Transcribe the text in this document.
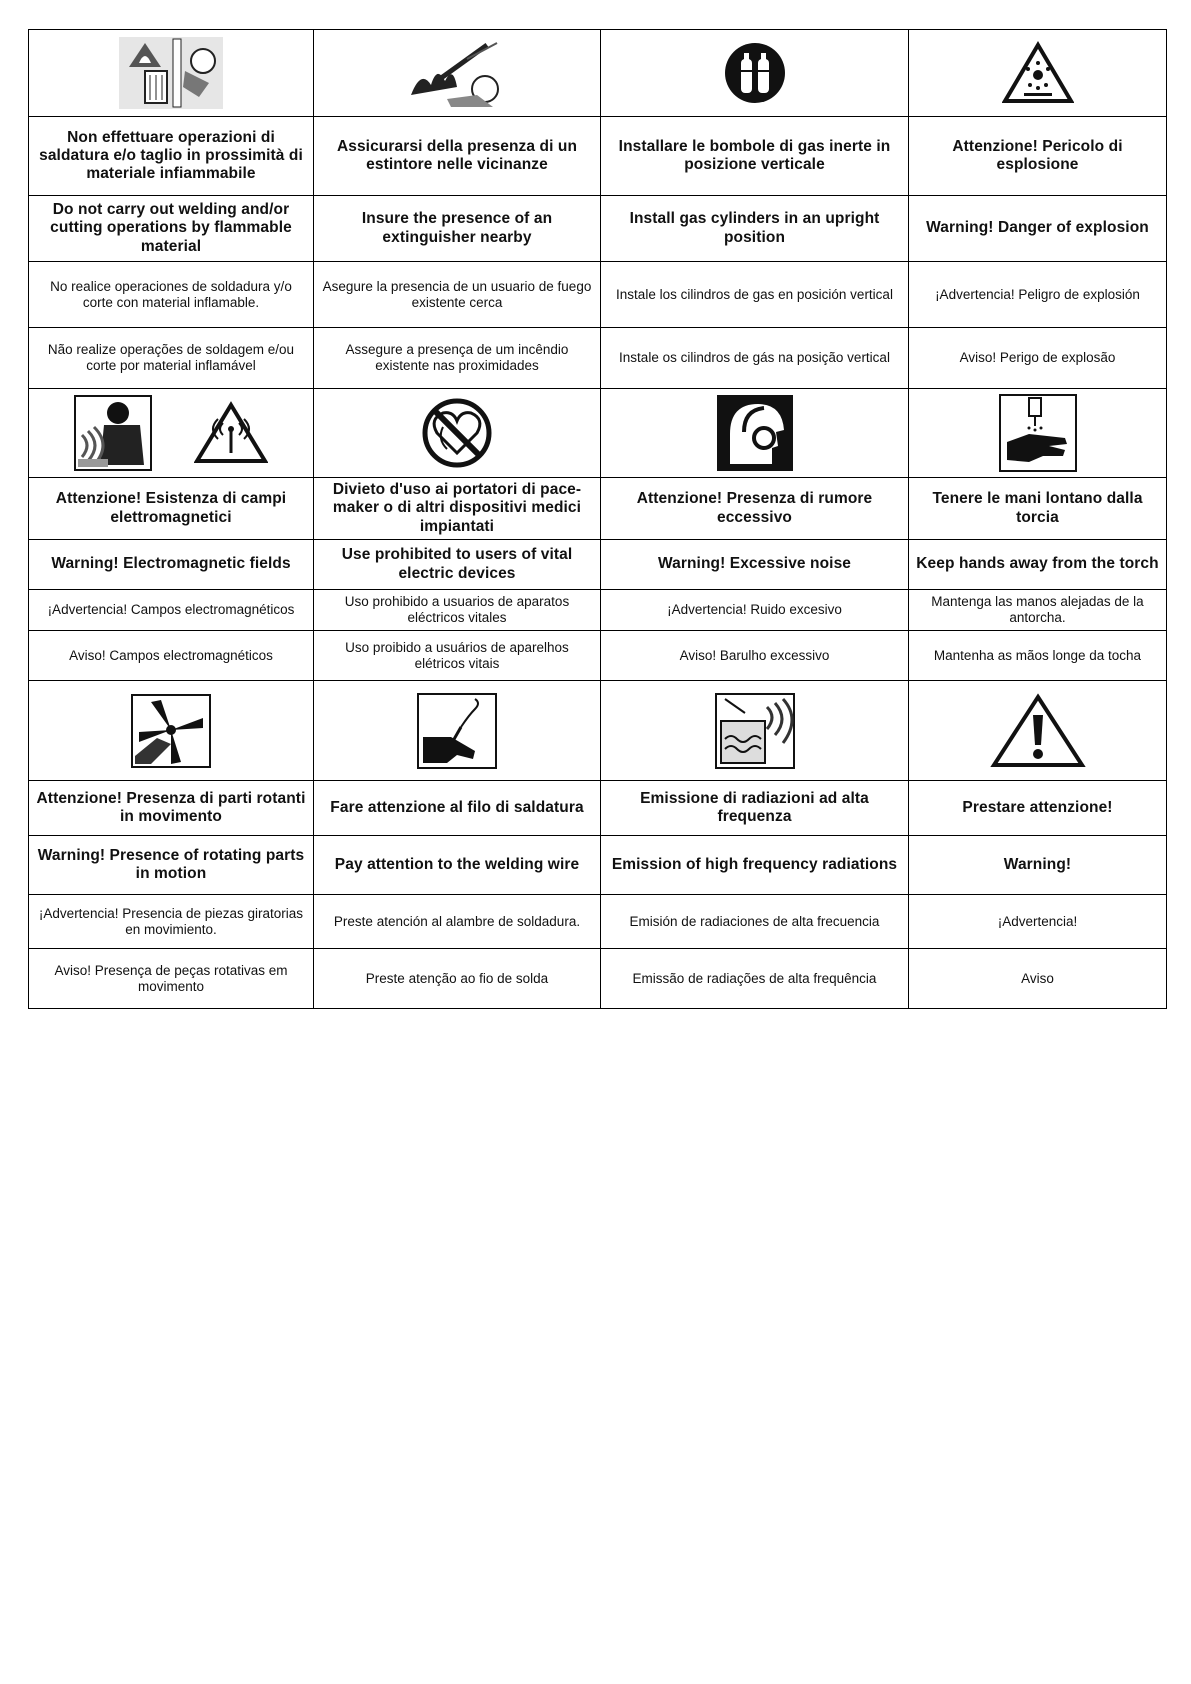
Non effettuare operazioni di saldatura e/o taglio in prossimità di materiale infiammabile	Assicurarsi della presenza di un estintore nelle vicinanze	Installare le bombole di gas inerte in posizione verticale	Attenzione! Pericolo di esplosione
Do not carry out welding and/or cutting operations by flammable material	Insure the presence of an extinguisher nearby	Install gas cylinders in an upright position	Warning! Danger of explosion
No realice operaciones de soldadura y/o corte con material inflamable.	Asegure la presencia de un usuario de fuego existente cerca	Instale los cilindros de gas en posición vertical	¡Advertencia! Peligro de explosión
Não realize operações de soldagem e/ou corte por material inflamável	Assegure a presença de um incêndio existente nas proximidades	Instale os cilindros de gás na posição vertical	Aviso! Perigo de explosão

Attenzione! Esistenza di campi elettromagnetici	Divieto d'uso ai portatori di pace-maker o di altri dispositivi medici impiantati	Attenzione! Presenza di rumore eccessivo	Tenere le mani lontano dalla torcia
Warning! Electromagnetic fields	Use prohibited to users of vital electric devices	Warning! Excessive noise	Keep hands away from the torch
¡Advertencia! Campos electromagnéticos	Uso prohibido a usuarios de aparatos eléctricos vitales	¡Advertencia! Ruido excesivo	Mantenga las manos alejadas de la antorcha.
Aviso! Campos electromagnéticos	Uso proibido a usuários de aparelhos elétricos vitais	Aviso! Barulho excessivo	Mantenha as mãos longe da tocha

Attenzione! Presenza di parti rotanti in movimento	Fare attenzione al filo di saldatura	Emissione di radiazioni ad alta frequenza	Prestare attenzione!
Warning! Presence of rotating parts in motion	Pay attention to the welding wire	Emission of high frequency radiations	Warning!
¡Advertencia! Presencia de piezas giratorias en movimiento.	Preste atención al alambre de soldadura.	Emisión de radiaciones de alta frecuencia	¡Advertencia!
Aviso! Presença de peças rotativas em movimento	Preste atenção ao fio de solda	Emissão de radiações de alta frequência	Aviso
